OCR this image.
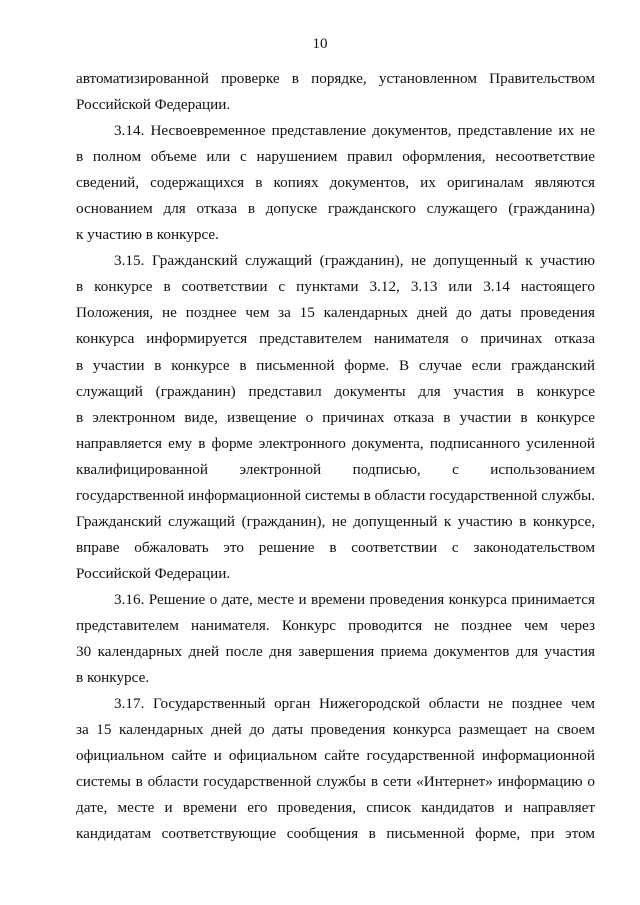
10
автоматизированной проверке в порядке, установленном Правительством
Российской Федерации.
3.14. Несвоевременное представление документов, представление их не
в полном объеме или с нарушением правил оформления, несоответствие
сведений, содержащихся в копиях документов, их оригиналам являются
основанием для отказа в допуске гражданского служащего (гражданина)
к участию в конкурсе.
3.15. Гражданский служащий (гражданин), не допущенный к участию
в конкурсе в соответствии с пунктами 3.12, 3.13 или 3.14 настоящего
Положения, не позднее чем за 15 календарных дней до даты проведения
конкурса информируется представителем нанимателя о причинах отказа
в участии в конкурсе в письменной форме. В случае если гражданский
служащий (гражданин) представил документы для участия в конкурсе
в электронном виде, извещение о причинах отказа в участии в конкурсе
направляется ему в форме электронного документа, подписанного усиленной
квалифицированной электронной подписью, с использованием
государственной информационной системы в области государственной службы.
Гражданский служащий (гражданин), не допущенный к участию в конкурсе,
вправе обжаловать это решение в соответствии с законодательством
Российской Федерации.
3.16. Решение о дате, месте и времени проведения конкурса принимается
представителем нанимателя. Конкурс проводится не позднее чем через
30 календарных дней после дня завершения приема документов для участия
в конкурсе.
3.17. Государственный орган Нижегородской области не позднее чем
за 15 календарных дней до даты проведения конкурса размещает на своем
официальном сайте и официальном сайте государственной информационной
системы в области государственной службы в сети «Интернет» информацию о
дате, месте и времени его проведения, список кандидатов и направляет
кандидатам соответствующие сообщения в письменной форме, при этом
